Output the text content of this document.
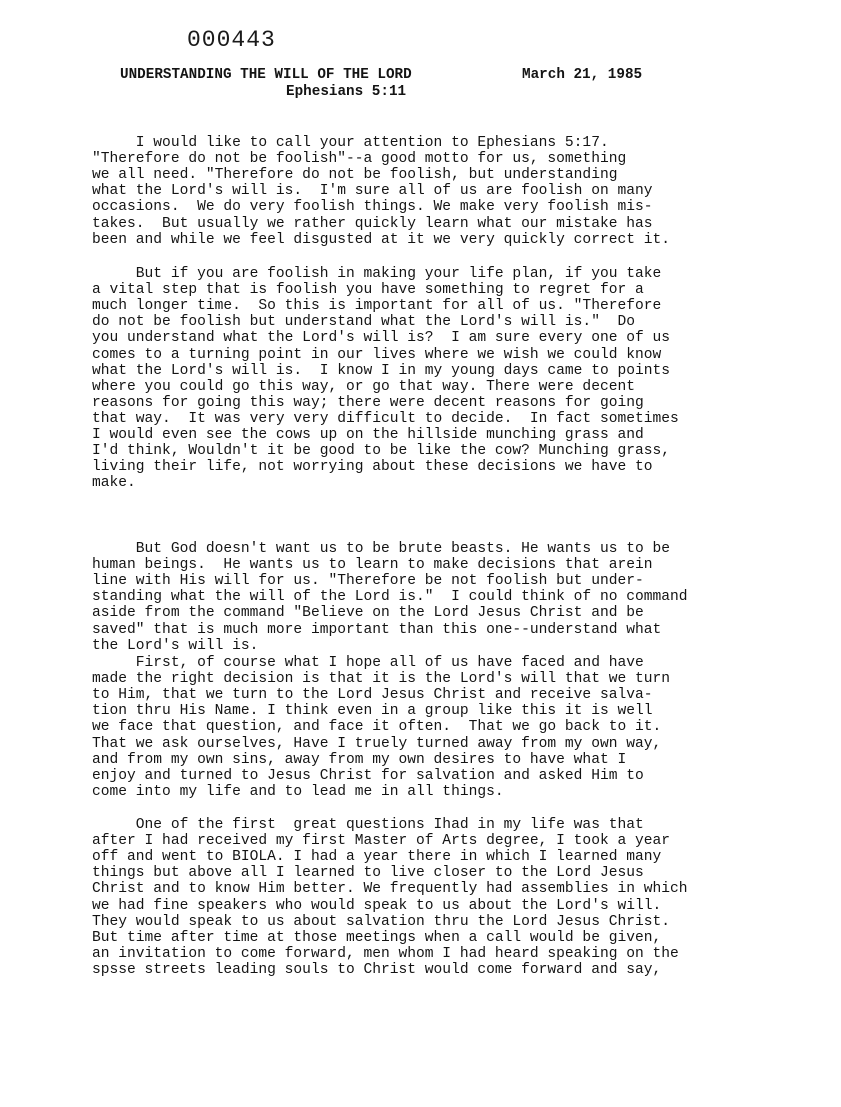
000443
UNDERSTANDING THE WILL OF THE LORD	March 21, 1985
Ephesians 5:11
I would like to call your attention to Ephesians 5:17.
"Therefore do not be foolish"--a good motto for us, something
we all need. "Therefore do not be foolish, but understanding
what the Lord's will is.  I'm sure all of us are foolish on many
occasions.  We do very foolish things. We make very foolish mis-
takes.  But usually we rather quickly learn what our mistake has
been and while we feel disgusted at it we very quickly correct it.
But if you are foolish in making your life plan, if you take
a vital step that is foolish you have something to regret for a
much longer time.  So this is important for all of us. "Therefore
do not be foolish but understand what the Lord's will is."  Do
you understand what the Lord's will is?  I am sure every one of us
comes to a turning point in our lives where we wish we could know
what the Lord's will is.  I know I in my young days came to points
where you could go this way, or go that way. There were decent
reasons for going this way; there were decent reasons for going
that way.  It was very very difficult to decide.  In fact sometimes
I would even see the cows up on the hillside munching grass and
I'd think, Wouldn't it be good to be like the cow? Munching grass,
living their life, not worrying about these decisions we have to
make.
But God doesn't want us to be brute beasts. He wants us to be
human beings.  He wants us to learn to make decisions that arein
line with His will for us. "Therefore be not foolish but under-
standing what the will of the Lord is."  I could think of no command
aside from the command "Believe on the Lord Jesus Christ and be
saved" that is much more important than this one--understand what
the Lord's will is.
First, of course what I hope all of us have faced and have
made the right decision is that it is the Lord's will that we turn
to Him, that we turn to the Lord Jesus Christ and receive salva-
tion thru His Name. I think even in a group like this it is well
we face that question, and face it often.  That we go back to it.
That we ask ourselves, Have I truely turned away from my own way,
and from my own sins, away from my own desires to have what I
enjoy and turned to Jesus Christ for salvation and asked Him to
come into my life and to lead me in all things.
One of the first  great questions Ihad in my life was that
after I had received my first Master of Arts degree, I took a year
off and went to BIOLA. I had a year there in which I learned many
things but above all I learned to live closer to the Lord Jesus
Christ and to know Him better. We frequently had assemblies in which
we had fine speakers who would speak to us about the Lord's will.
They would speak to us about salvation thru the Lord Jesus Christ.
But time after time at those meetings when a call would be given,
an invitation to come forward, men whom I had heard speaking on the
spsse streets leading souls to Christ would come forward and say,
